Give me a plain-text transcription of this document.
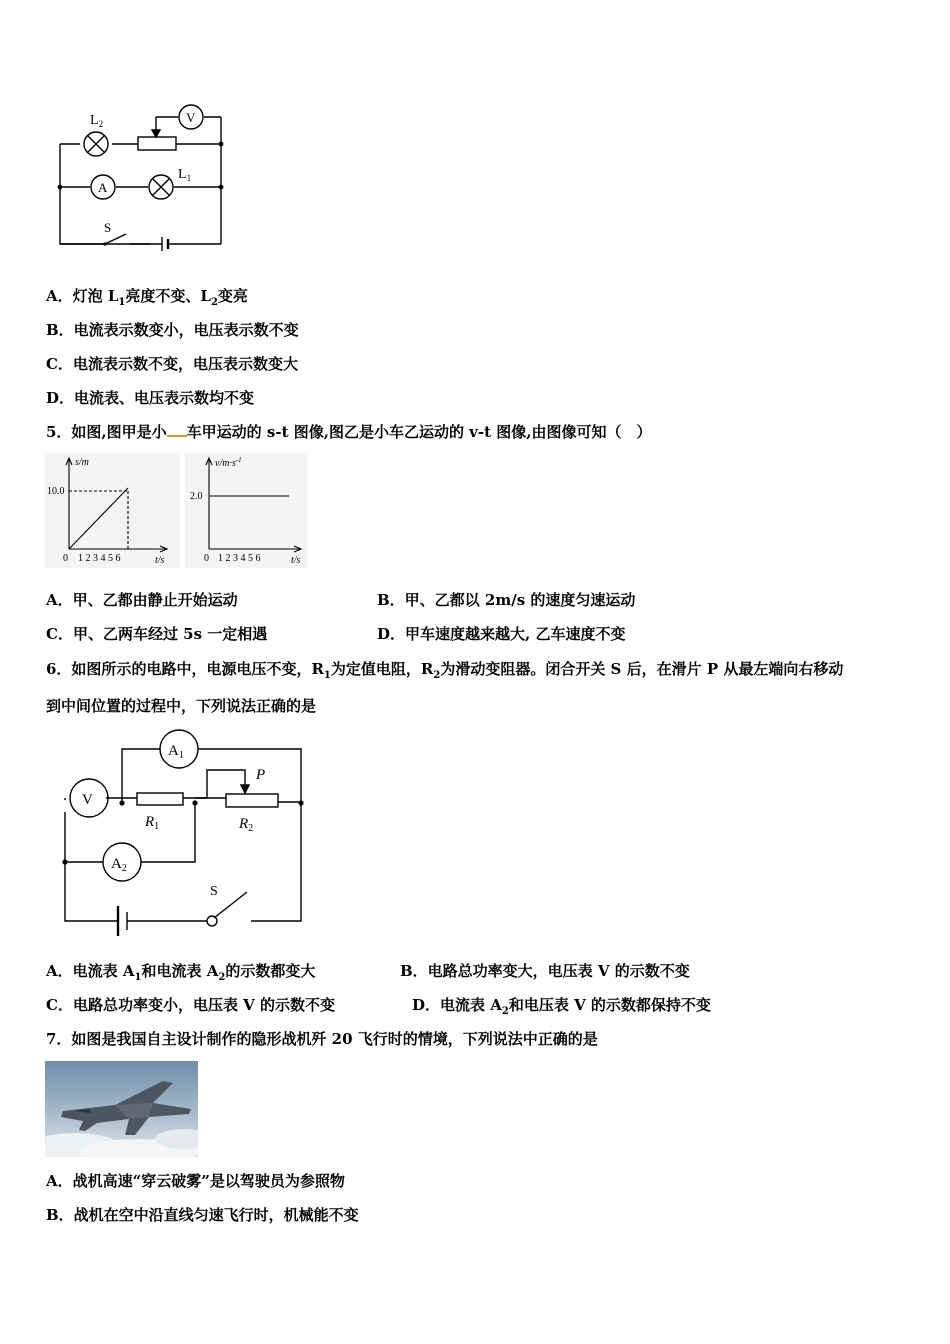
$L_2$	V
A
$L_1$
S
A．灯泡 $L_1$亮度不变、$L_2$变亮
B．电流表示数变小，电压表示数不变
C．电流表示数不变，电压表示数变大
D．电流表、电压表示数均不变
5．如图,图甲是小 车甲运动的 s-t 图像,图乙是小车乙运动的 v-t 图像,由图像可知（　）
s/m
10.0
0 1 2 3 4 5 6	t/s
$v/m\cdot s^{-1}$
2.0
0 1 2 3 4 5 6	t/s
A．甲、乙都由静止开始运动	B．甲、乙都以 2m/s 的速度匀速运动
C．甲、乙两车经过 5s 一定相遇	D．甲车速度越来越大, 乙车速度不变
6．如图所示的电路中，电源电压不变，$R_1$为定值电阻，$R_2$为滑动变阻器。闭合开关 S 后，在滑片 P 从最左端向右移动
到中间位置的过程中，下列说法正确的是
$A_1$
V
$A_2$
P
$R_1$	$R_2$
S
A．电流表 $A_1$和电流表 $A_2$的示数都变大	B．电路总功率变大，电压表 V 的示数不变
C．电路总功率变小，电压表 V 的示数不变	D．电流表 $A_2$和电压表 V 的示数都保持不变
7．如图是我国自主设计制作的隐形战机歼 20 飞行时的情境，下列说法中正确的是
A．战机高速“穿云破雾”是以驾驶员为参照物
B．战机在空中沿直线匀速飞行时，机械能不变
